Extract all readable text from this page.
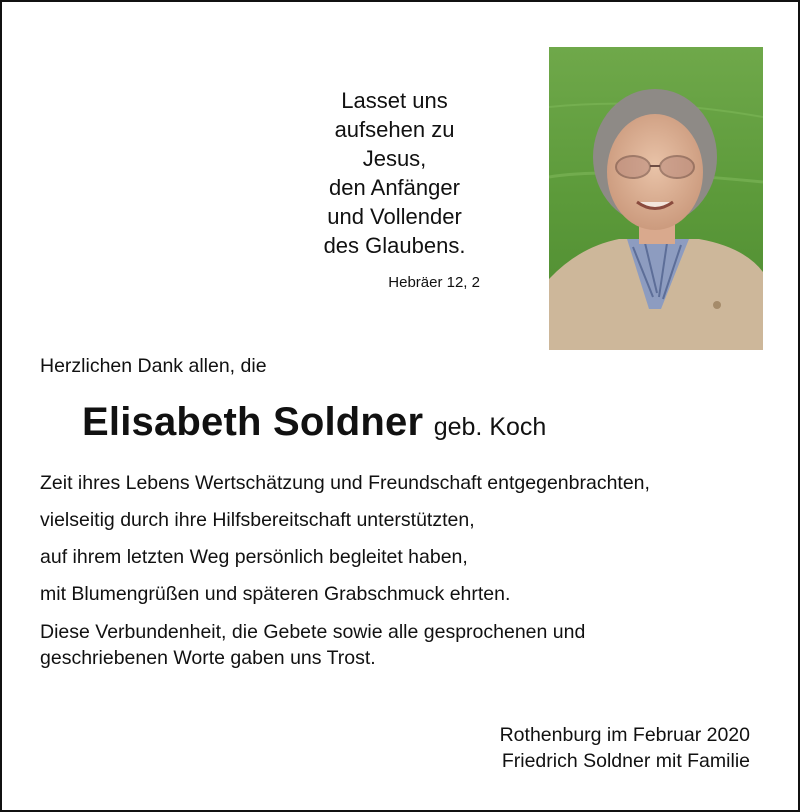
Lasset uns
aufsehen zu
Jesus,
den Anfänger
und Vollender
des Glaubens.
Hebräer 12, 2
Herzlichen Dank allen, die
Elisabeth Soldner geb. Koch
Zeit ihres Lebens Wertschätzung und Freundschaft entgegenbrachten,
vielseitig durch ihre Hilfsbereitschaft unterstützten,
auf ihrem letzten Weg persönlich begleitet haben,
mit Blumengrüßen und späteren Grabschmuck ehrten.
Diese Verbundenheit, die Gebete sowie alle gesprochenen und
geschriebenen Worte gaben uns Trost.
Rothenburg im Februar 2020
Friedrich Soldner mit Familie
